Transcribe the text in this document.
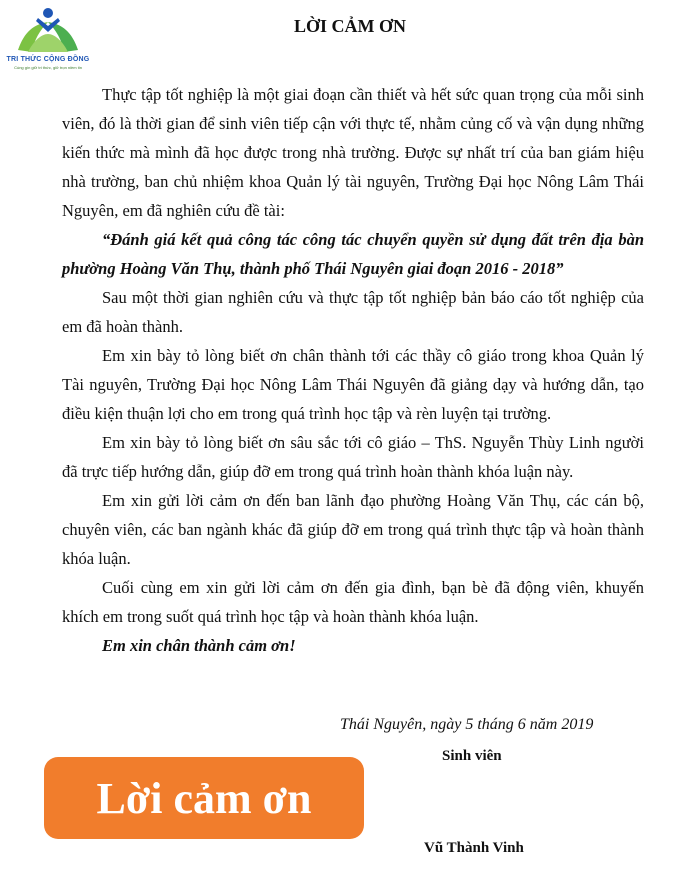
TRI THỨC CỘNG ĐỒNG
Cùng gìn giữ tri thức, giữ trọn niềm tin
LỜI CẢM ƠN

Thực tập tốt nghiệp là một giai đoạn cần thiết và hết sức quan trọng của mỗi sinh viên, đó là thời gian để sinh viên tiếp cận với thực tế, nhằm củng cố và vận dụng những kiến thức mà mình đã học được trong nhà trường. Được sự nhất trí của ban giám hiệu nhà trường, ban chủ nhiệm khoa Quản lý tài nguyên, Trường Đại học Nông Lâm Thái Nguyên, em đã nghiên cứu đề tài:

“Đánh giá kết quả công tác công tác chuyển quyền sử dụng đất trên địa bàn phường Hoàng Văn Thụ, thành phố Thái Nguyên giai đoạn 2016 - 2018”

Sau một thời gian nghiên cứu và thực tập tốt nghiệp bản báo cáo tốt nghiệp của em đã hoàn thành.

Em xin bày tỏ lòng biết ơn chân thành tới các thầy cô giáo trong khoa Quản lý Tài nguyên, Trường Đại học Nông Lâm Thái Nguyên đã giảng dạy và hướng dẫn, tạo điều kiện thuận lợi cho em trong quá trình học tập và rèn luyện tại trường.

Em xin bày tỏ lòng biết ơn sâu sắc tới cô giáo – ThS. Nguyễn Thùy Linh người đã trực tiếp hướng dẫn, giúp đỡ em trong quá trình hoàn thành khóa luận này.

Em xin gửi lời cảm ơn đến ban lãnh đạo phường Hoàng Văn Thụ, các cán bộ, chuyên viên, các ban ngành khác đã giúp đỡ em trong quá trình thực tập và hoàn thành khóa luận.

Cuối cùng em xin gửi lời cảm ơn đến gia đình, bạn bè đã động viên, khuyến khích em trong suốt quá trình học tập và hoàn thành khóa luận.

Em xin chân thành cảm ơn!

Thái Nguyên, ngày 5 tháng 6 năm 2019
Sinh viên
Lời cảm ơn
Vũ Thành Vinh
